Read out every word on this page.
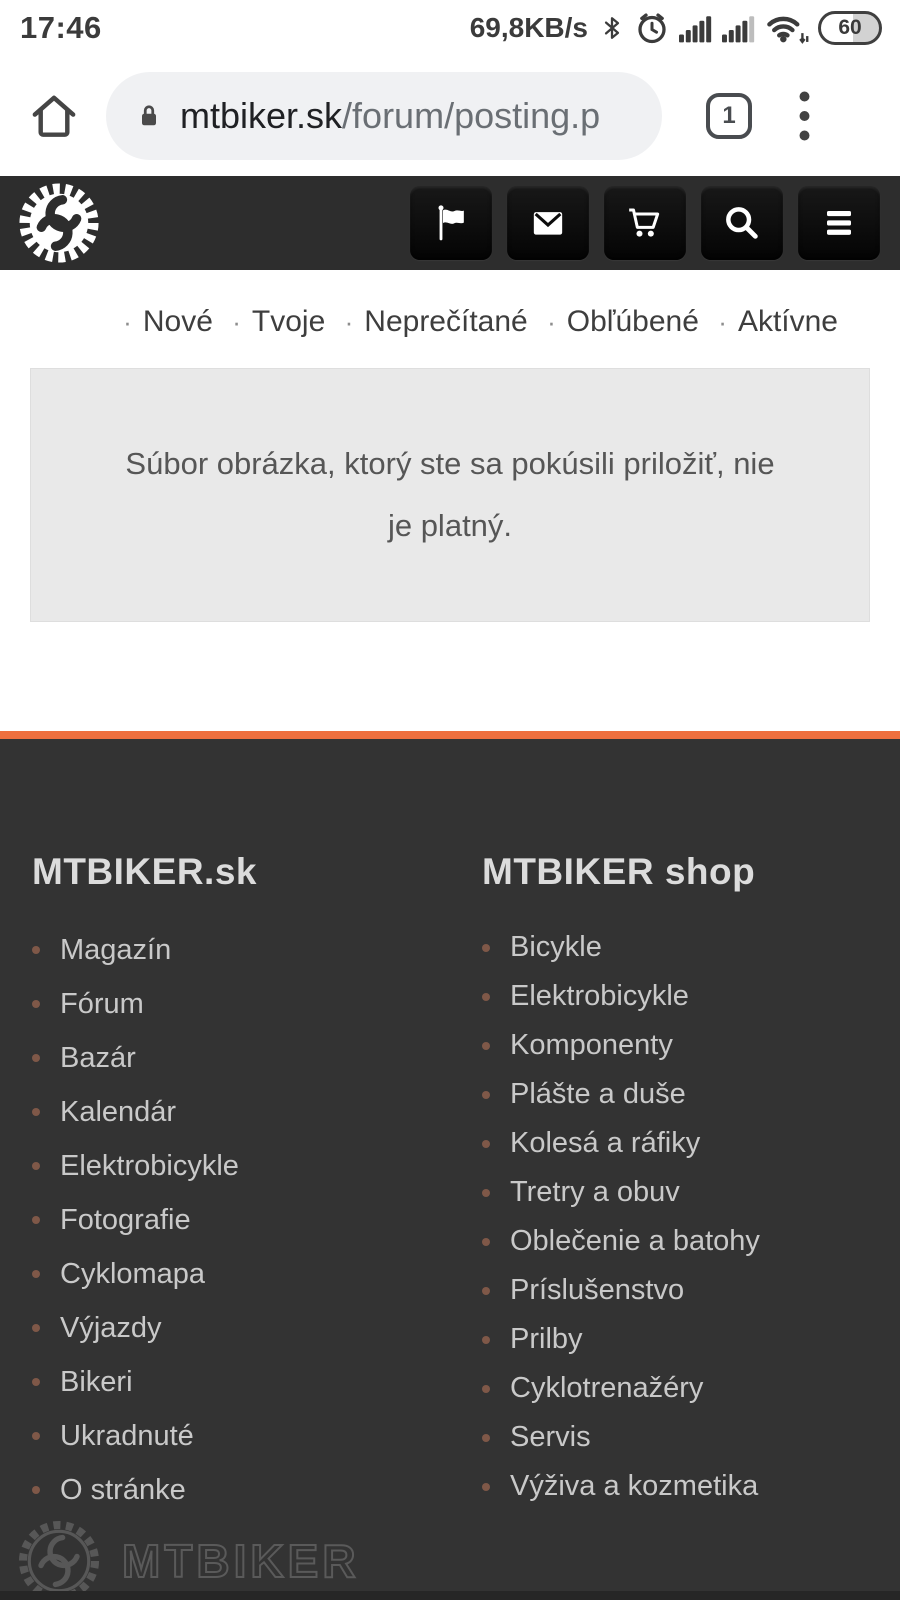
17:46	69,8KB/s	60
mtbiker.sk/forum/posting.p	1
· Nové · Tvoje · Neprečítané · Obľúbené · Aktívne
Súbor obrázka, ktorý ste sa pokúsili priložiť, nie je platný.
MTBIKER.sk
Magazín
Fórum
Bazár
Kalendár
Elektrobicykle
Fotografie
Cyklomapa
Výjazdy
Bikeri
Ukradnuté
O stránke
MTBIKER shop
Bicykle
Elektrobicykle
Komponenty
Plášte a duše
Kolesá a ráfiky
Tretry a obuv
Oblečenie a batohy
Príslušenstvo
Prilby
Cyklotrenažéry
Servis
Výživa a kozmetika
MTBIKER
